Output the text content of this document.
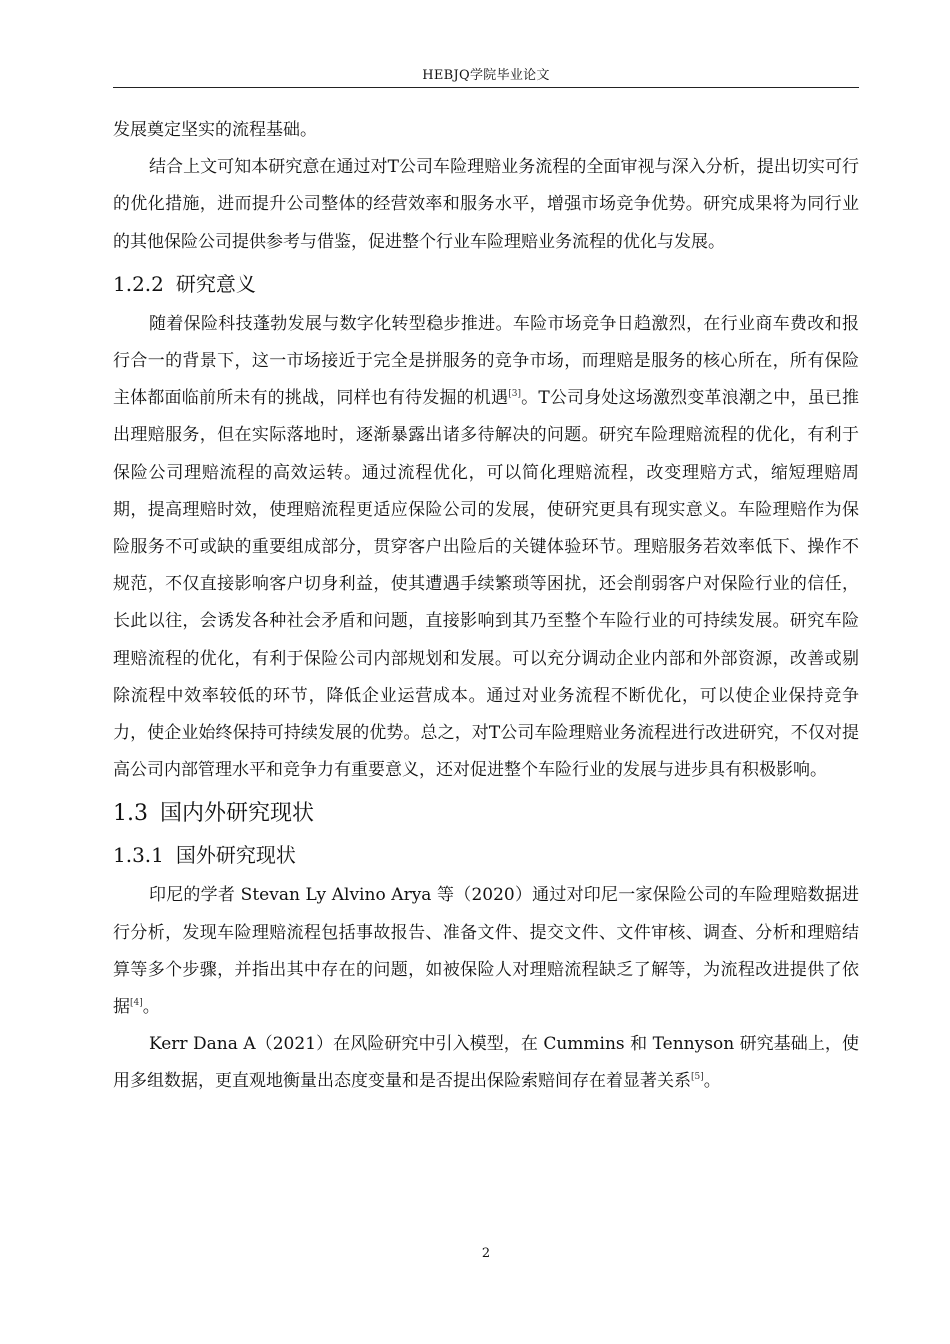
HEBJQ学院毕业论文

发展奠定坚实的流程基础。

结合上文可知本研究意在通过对T公司车险理赔业务流程的全面审视与深入分析，提出切实可行的优化措施，进而提升公司整体的经营效率和服务水平，增强市场竞争优势。研究成果将为同行业的其他保险公司提供参考与借鉴，促进整个行业车险理赔业务流程的优化与发展。

1.2.2 研究意义

随着保险科技蓬勃发展与数字化转型稳步推进。车险市场竞争日趋激烈，在行业商车费改和报行合一的背景下，这一市场接近于完全是拼服务的竞争市场，而理赔是服务的核心所在，所有保险主体都面临前所未有的挑战，同样也有待发掘的机遇[3]。T公司身处这场激烈变革浪潮之中，虽已推出理赔服务，但在实际落地时，逐渐暴露出诸多待解决的问题。研究车险理赔流程的优化，有利于保险公司理赔流程的高效运转。通过流程优化，可以简化理赔流程，改变理赔方式，缩短理赔周期，提高理赔时效，使理赔流程更适应保险公司的发展，使研究更具有现实意义。车险理赔作为保险服务不可或缺的重要组成部分，贯穿客户出险后的关键体验环节。理赔服务若效率低下、操作不规范，不仅直接影响客户切身利益，使其遭遇手续繁琐等困扰，还会削弱客户对保险行业的信任，长此以往，会诱发各种社会矛盾和问题，直接影响到其乃至整个车险行业的可持续发展。研究车险理赔流程的优化，有利于保险公司内部规划和发展。可以充分调动企业内部和外部资源，改善或剔除流程中效率较低的环节，降低企业运营成本。通过对业务流程不断优化，可以使企业保持竞争力，使企业始终保持可持续发展的优势。总之，对T公司车险理赔业务流程进行改进研究，不仅对提高公司内部管理水平和竞争力有重要意义，还对促进整个车险行业的发展与进步具有积极影响。

1.3 国内外研究现状
1.3.1 国外研究现状

印尼的学者 Stevan Ly Alvino Arya 等（2020）通过对印尼一家保险公司的车险理赔数据进行分析，发现车险理赔流程包括事故报告、准备文件、提交文件、文件审核、调查、分析和理赔结算等多个步骤，并指出其中存在的问题，如被保险人对理赔流程缺乏了解等，为流程改进提供了依据[4]。

Kerr Dana A（2021）在风险研究中引入模型，在 Cummins 和 Tennyson 研究基础上，使用多组数据，更直观地衡量出态度变量和是否提出保险索赔间存在着显著关系[5]。

2
